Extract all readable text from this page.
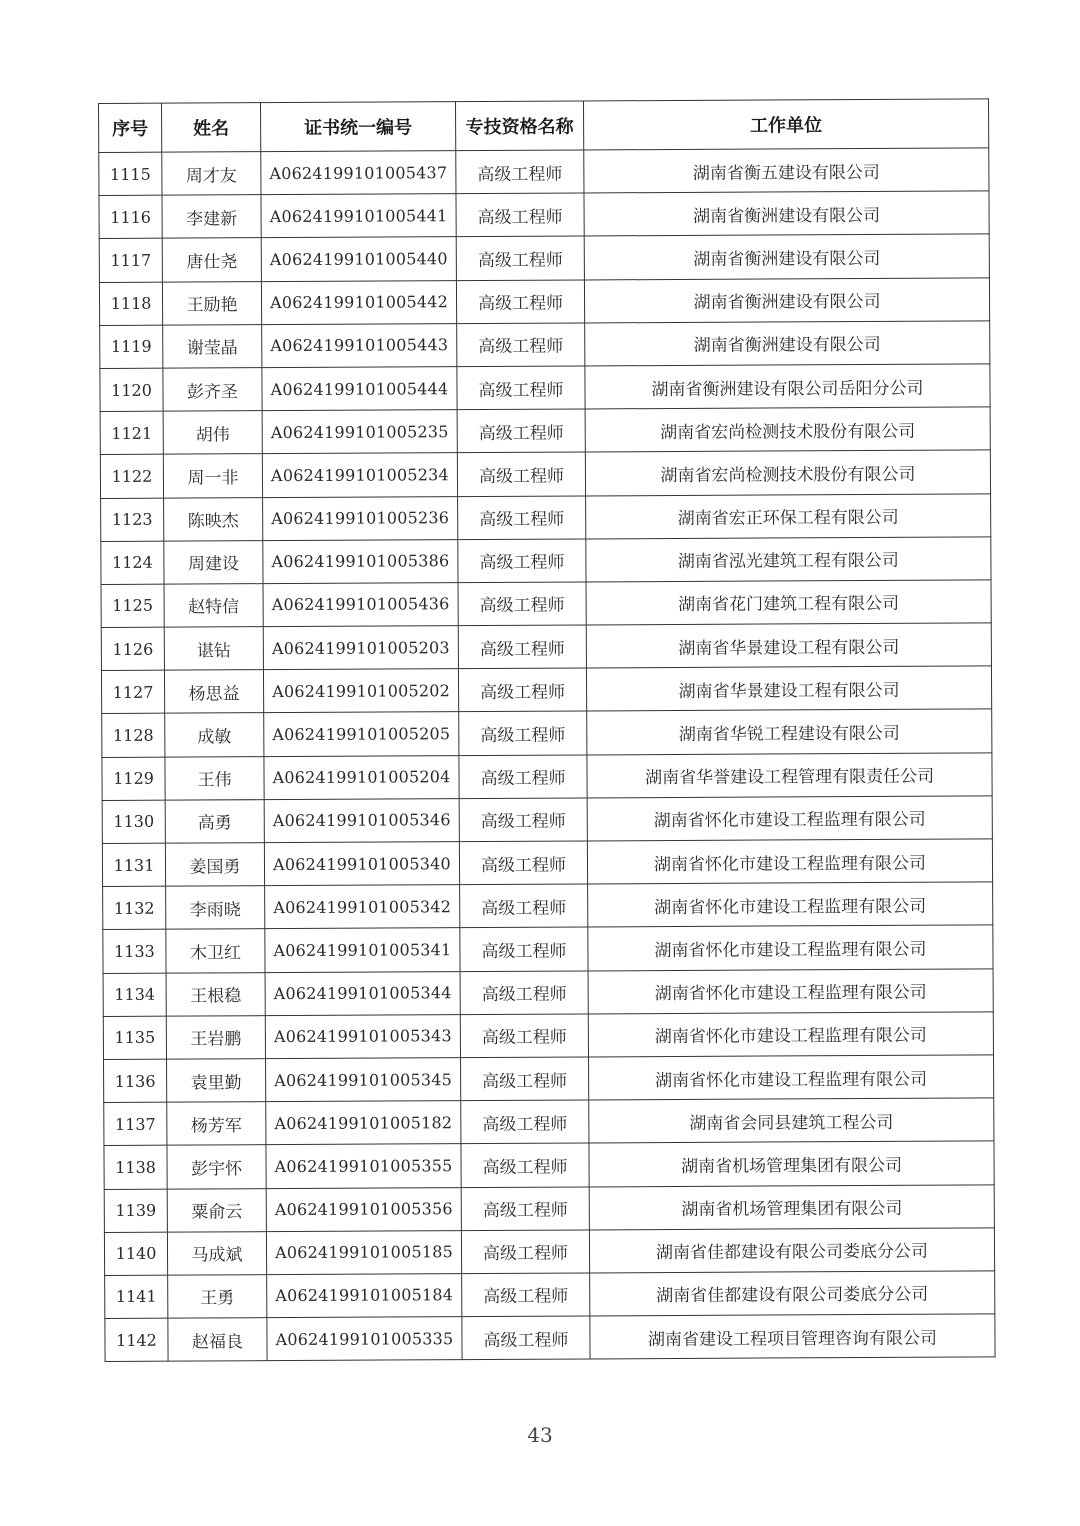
序号	姓名	证书统一编号	专技资格名称	工作单位
1115	周才友	A0624199101005437	高级工程师	湖南省衡五建设有限公司
1116	李建新	A0624199101005441	高级工程师	湖南省衡洲建设有限公司
1117	唐仕尧	A0624199101005440	高级工程师	湖南省衡洲建设有限公司
1118	王励艳	A0624199101005442	高级工程师	湖南省衡洲建设有限公司
1119	谢莹晶	A0624199101005443	高级工程师	湖南省衡洲建设有限公司
1120	彭齐圣	A0624199101005444	高级工程师	湖南省衡洲建设有限公司岳阳分公司
1121	胡伟	A0624199101005235	高级工程师	湖南省宏尚检测技术股份有限公司
1122	周一非	A0624199101005234	高级工程师	湖南省宏尚检测技术股份有限公司
1123	陈映杰	A0624199101005236	高级工程师	湖南省宏正环保工程有限公司
1124	周建设	A0624199101005386	高级工程师	湖南省泓光建筑工程有限公司
1125	赵特信	A0624199101005436	高级工程师	湖南省花门建筑工程有限公司
1126	谌钻	A0624199101005203	高级工程师	湖南省华景建设工程有限公司
1127	杨思益	A0624199101005202	高级工程师	湖南省华景建设工程有限公司
1128	成敏	A0624199101005205	高级工程师	湖南省华锐工程建设有限公司
1129	王伟	A0624199101005204	高级工程师	湖南省华誉建设工程管理有限责任公司
1130	高勇	A0624199101005346	高级工程师	湖南省怀化市建设工程监理有限公司
1131	姜国勇	A0624199101005340	高级工程师	湖南省怀化市建设工程监理有限公司
1132	李雨晓	A0624199101005342	高级工程师	湖南省怀化市建设工程监理有限公司
1133	木卫红	A0624199101005341	高级工程师	湖南省怀化市建设工程监理有限公司
1134	王根稳	A0624199101005344	高级工程师	湖南省怀化市建设工程监理有限公司
1135	王岩鹏	A0624199101005343	高级工程师	湖南省怀化市建设工程监理有限公司
1136	袁里勤	A0624199101005345	高级工程师	湖南省怀化市建设工程监理有限公司
1137	杨芳军	A0624199101005182	高级工程师	湖南省会同县建筑工程公司
1138	彭宇怀	A0624199101005355	高级工程师	湖南省机场管理集团有限公司
1139	粟俞云	A0624199101005356	高级工程师	湖南省机场管理集团有限公司
1140	马成斌	A0624199101005185	高级工程师	湖南省佳都建设有限公司娄底分公司
1141	王勇	A0624199101005184	高级工程师	湖南省佳都建设有限公司娄底分公司
1142	赵福良	A0624199101005335	高级工程师	湖南省建设工程项目管理咨询有限公司
43
